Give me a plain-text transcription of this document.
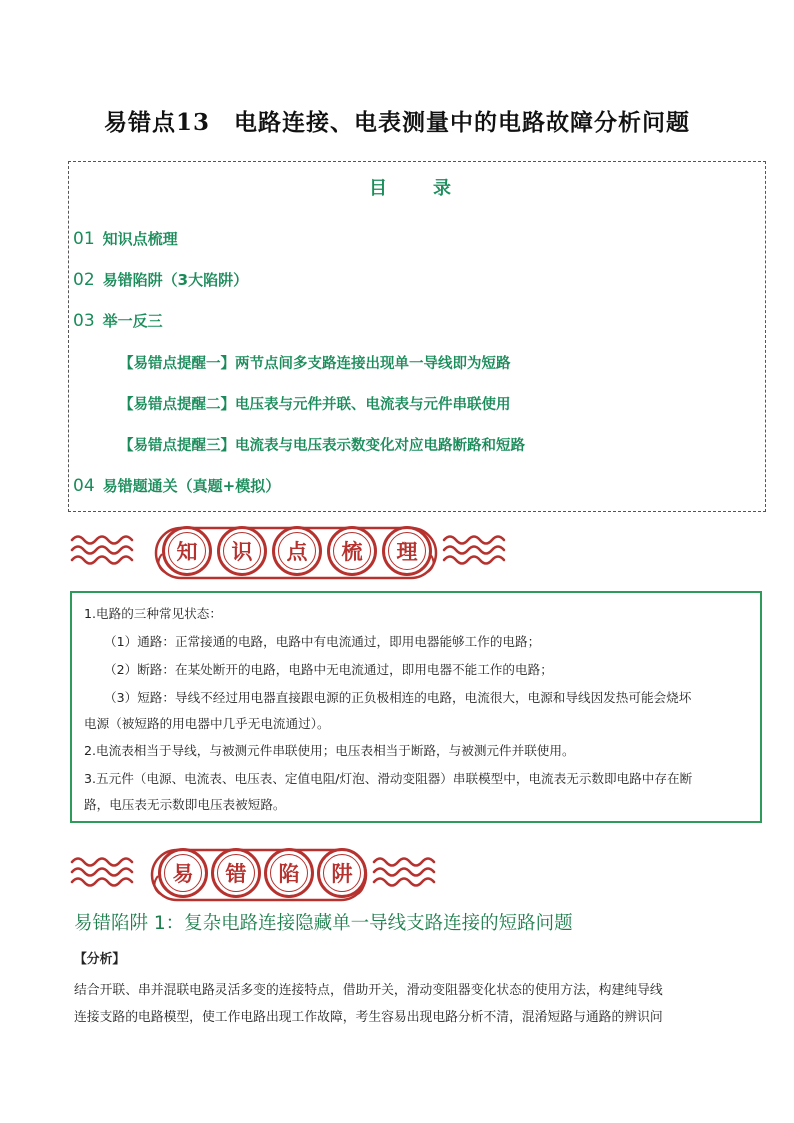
易错点13　电路连接、电表测量中的电路故障分析问题
目　录
01 知识点梳理
02 易错陷阱（3大陷阱）
03 举一反三
【易错点提醒一】两节点间多支路连接出现单一导线即为短路
【易错点提醒二】电压表与元件并联、电流表与元件串联使用
【易错点提醒三】电流表与电压表示数变化对应电路断路和短路
04 易错题通关（真题+模拟）
知	识	点	梳	理
1.电路的三种常见状态：
（1）通路：正常接通的电路，电路中有电流通过，即用电器能够工作的电路；
（2）断路：在某处断开的电路，电路中无电流通过，即用电器不能工作的电路；
（3）短路：导线不经过用电器直接跟电源的正负极相连的电路，电流很大，电源和导线因发热可能会烧坏
电源（被短路的用电器中几乎无电流通过）。
2.电流表相当于导线，与被测元件串联使用；电压表相当于断路，与被测元件并联使用。
3.五元件（电源、电流表、电压表、定值电阻/灯泡、滑动变阻器）串联模型中，电流表无示数即电路中存在断
路，电压表无示数即电压表被短路。
易	错	陷	阱
易错陷阱 1：复杂电路连接隐藏单一导线支路连接的短路问题
【分析】
结合开联、串并混联电路灵活多变的连接特点，借助开关，滑动变阻器变化状态的使用方法，构建纯导线
连接支路的电路模型，使工作电路出现工作故障，考生容易出现电路分析不清，混淆短路与通路的辨识问
